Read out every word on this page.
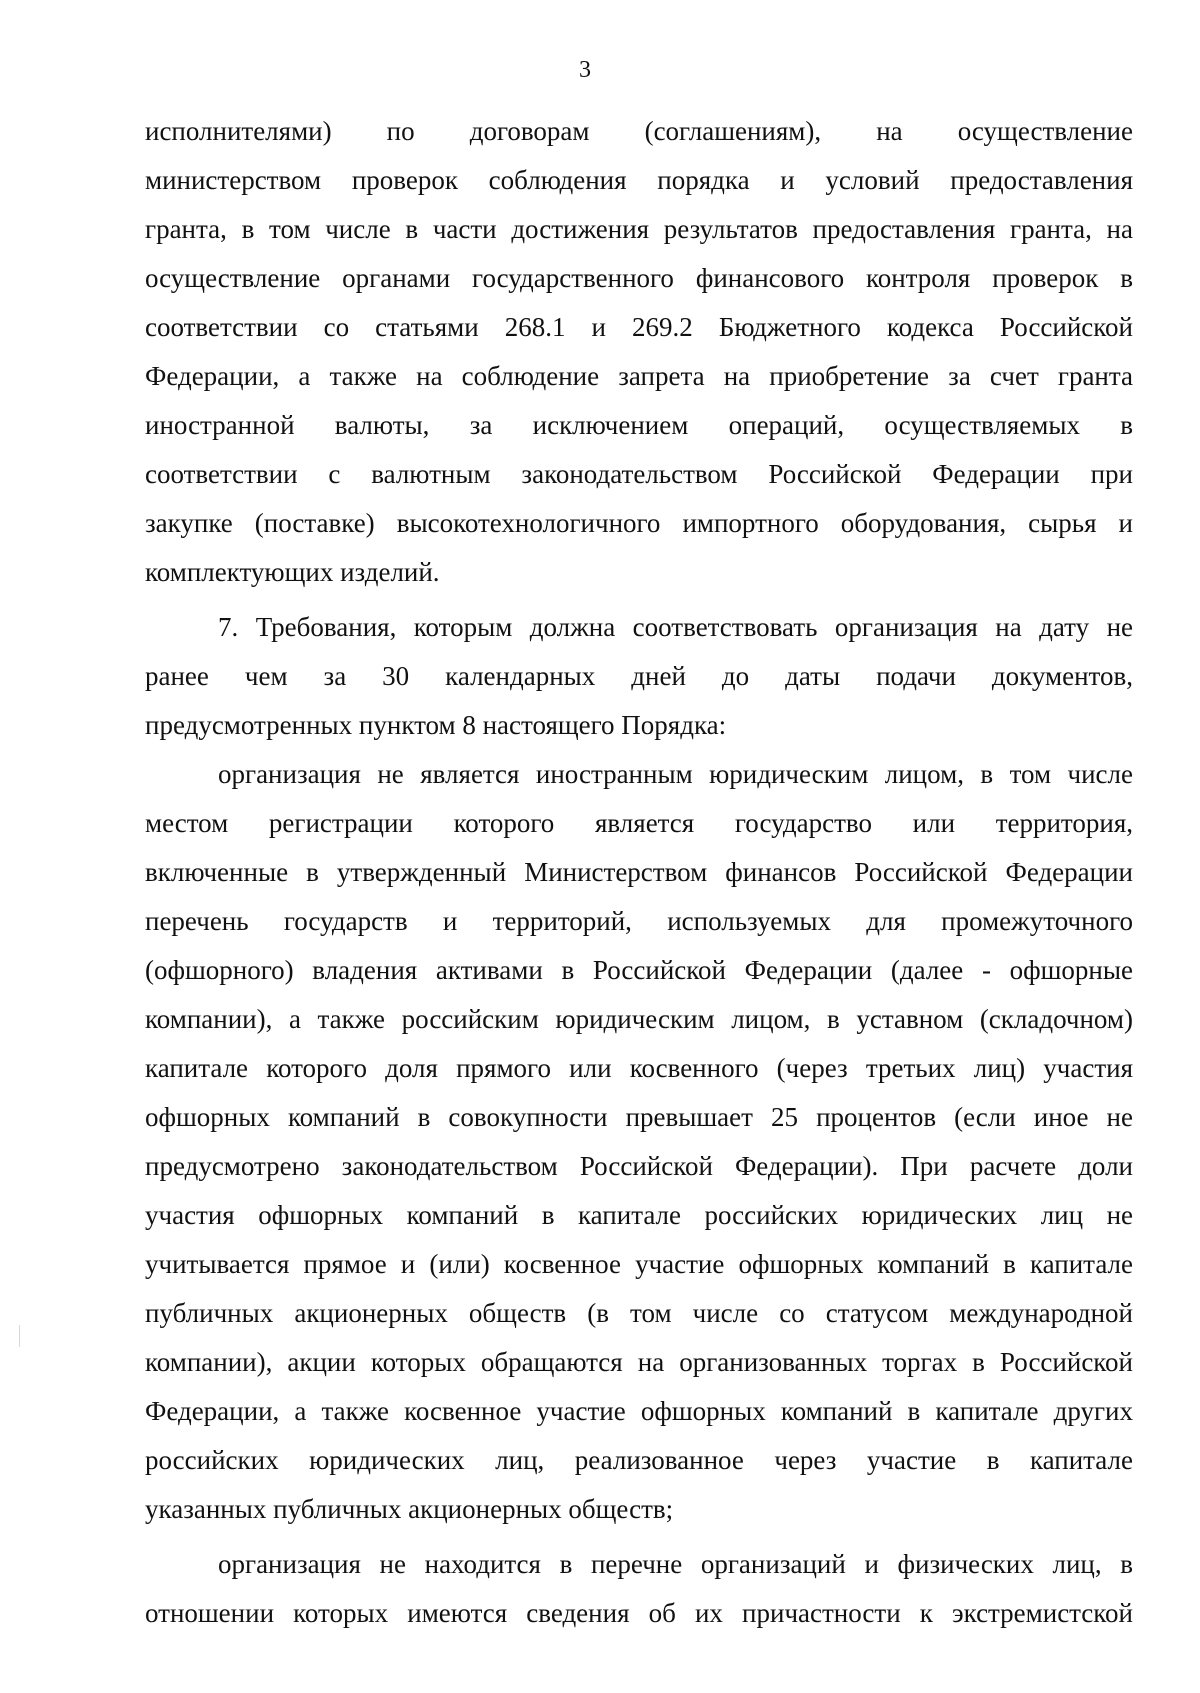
3
исполнителями) по договорам (соглашениям), на осуществление
министерством проверок соблюдения порядка и условий предоставления
гранта, в том числе в части достижения результатов предоставления гранта, на
осуществление органами государственного финансового контроля проверок в
соответствии со статьями 268.1 и 269.2 Бюджетного кодекса Российской
Федерации, а также на соблюдение запрета на приобретение за счет гранта
иностранной валюты, за исключением операций, осуществляемых в
соответствии с валютным законодательством Российской Федерации при
закупке (поставке) высокотехнологичного импортного оборудования, сырья и
комплектующих изделий.
7. Требования, которым должна соответствовать организация на дату не
ранее чем за 30 календарных дней до даты подачи документов,
предусмотренных пунктом 8 настоящего Порядка:
организация не является иностранным юридическим лицом, в том числе
местом регистрации которого является государство или территория,
включенные в утвержденный Министерством финансов Российской Федерации
перечень государств и территорий, используемых для промежуточного
(офшорного) владения активами в Российской Федерации (далее - офшорные
компании), а также российским юридическим лицом, в уставном (складочном)
капитале которого доля прямого или косвенного (через третьих лиц) участия
офшорных компаний в совокупности превышает 25 процентов (если иное не
предусмотрено законодательством Российской Федерации). При расчете доли
участия офшорных компаний в капитале российских юридических лиц не
учитывается прямое и (или) косвенное участие офшорных компаний в капитале
публичных акционерных обществ (в том числе со статусом международной
компании), акции которых обращаются на организованных торгах в Российской
Федерации, а также косвенное участие офшорных компаний в капитале других
российских юридических лиц, реализованное через участие в капитале
указанных публичных акционерных обществ;
организация не находится в перечне организаций и физических лиц, в
отношении которых имеются сведения об их причастности к экстремистской
